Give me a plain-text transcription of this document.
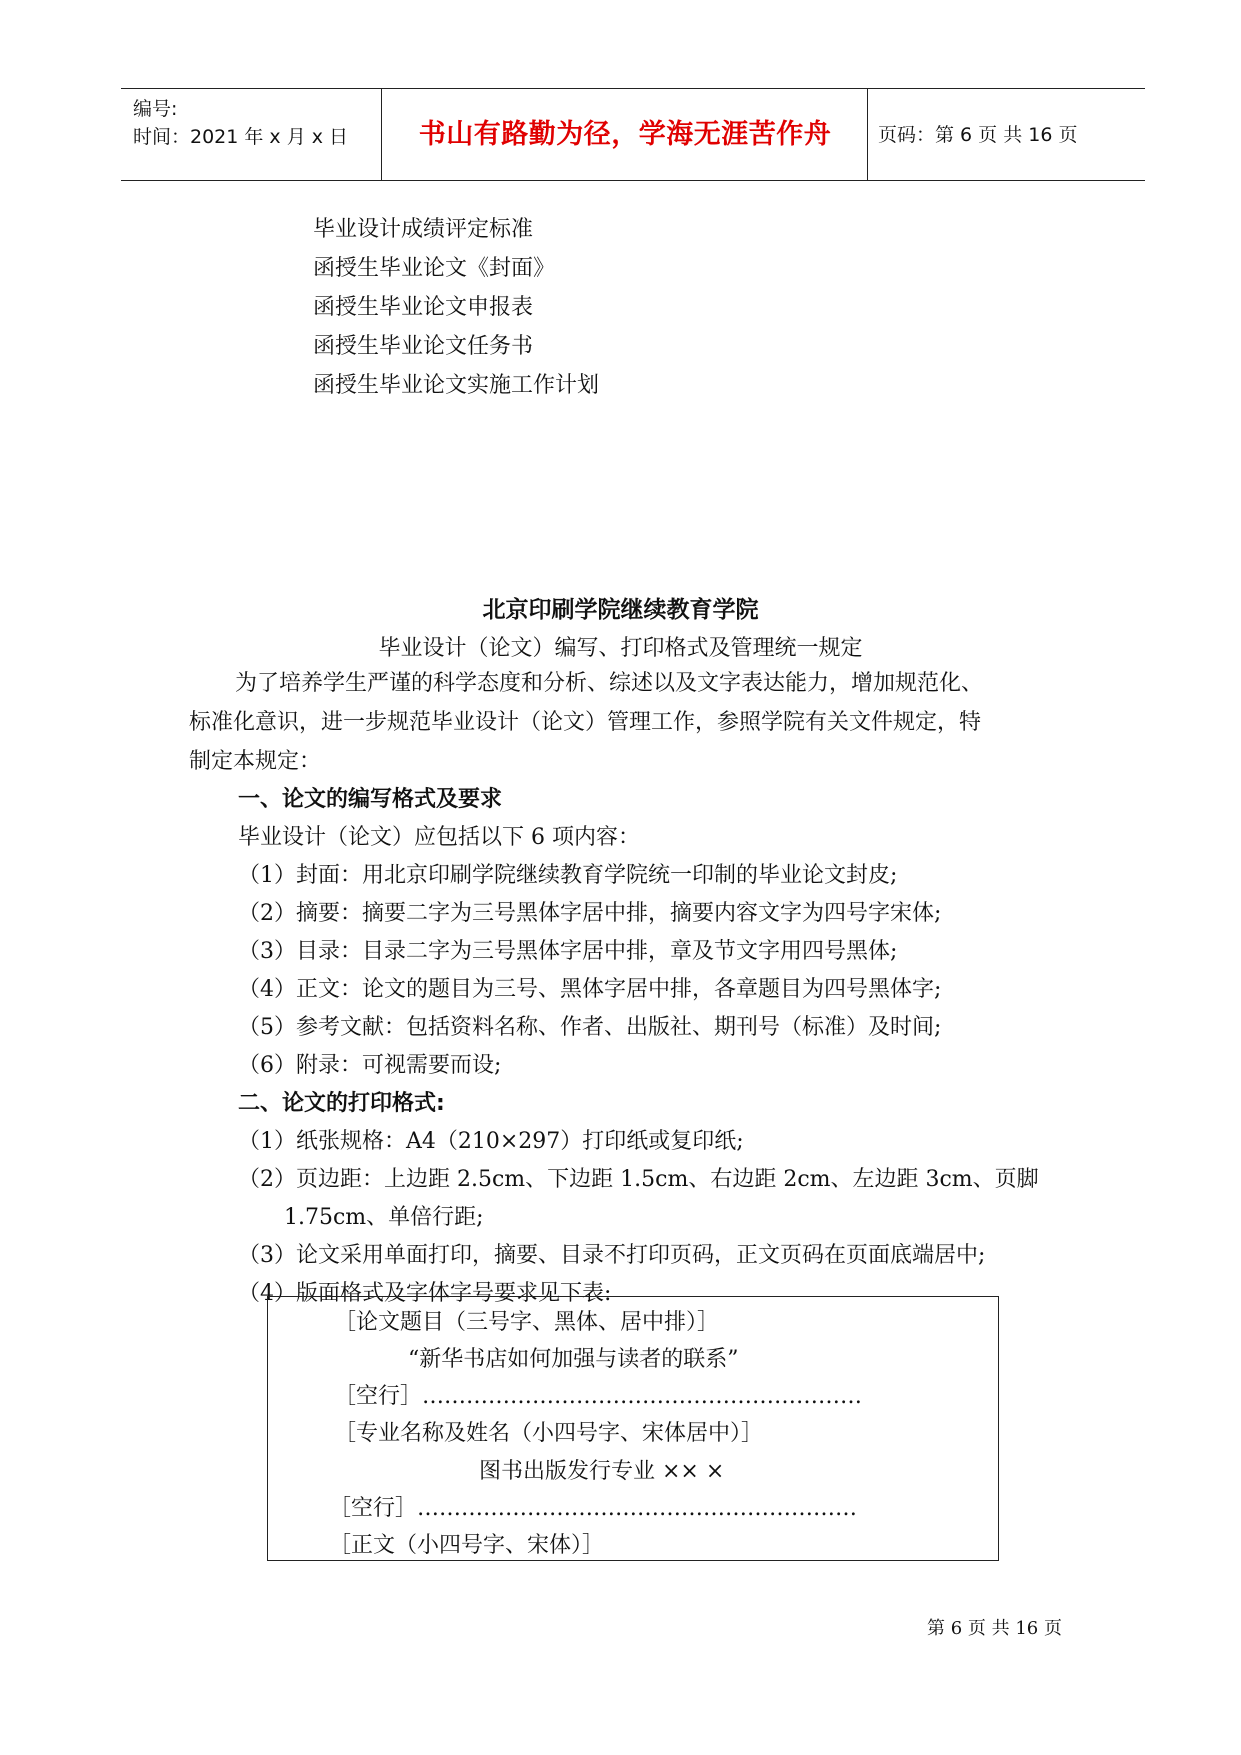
编号:
时间：2021 年 x 月 x 日	书山有路勤为径，学海无涯苦作舟	页码：第 6 页 共 16 页
毕业设计成绩评定标准
函授生毕业论文《封面》
函授生毕业论文申报表
函授生毕业论文任务书
函授生毕业论文实施工作计划
北京印刷学院继续教育学院
毕业设计（论文）编写、打印格式及管理统一规定
为了培养学生严谨的科学态度和分析、综述以及文字表达能力，增加规范化、
标准化意识，进一步规范毕业设计（论文）管理工作，参照学院有关文件规定，特
制定本规定：
一、论文的编写格式及要求
毕业设计（论文）应包括以下 6 项内容：
（1）封面：用北京印刷学院继续教育学院统一印制的毕业论文封皮;
（2）摘要：摘要二字为三号黑体字居中排，摘要内容文字为四号字宋体;
（3）目录：目录二字为三号黑体字居中排，章及节文字用四号黑体;
（4）正文：论文的题目为三号、黑体字居中排，各章题目为四号黑体字;
（5）参考文献：包括资料名称、作者、出版社、期刊号（标准）及时间;
（6）附录：可视需要而设;
二、论文的打印格式:
（1）纸张规格：A4（210×297）打印纸或复印纸;
（2）页边距：上边距 2.5cm、下边距 1.5cm、右边距 2cm、左边距 3cm、页脚
1.75cm、单倍行距;
（3）论文采用单面打印，摘要、目录不打印页码，正文页码在页面底端居中;
（4）版面格式及字体字号要求见下表:
［论文题目（三号字、黑体、居中排）］
“新华书店如何加强与读者的联系”
［空行］……………………………………………………
［专业名称及姓名（小四号字、宋体居中）］
图书出版发行专业 ×× ×
［空行］……………………………………………………
［正文（小四号字、宋体）］
第 6 页 共 16 页
